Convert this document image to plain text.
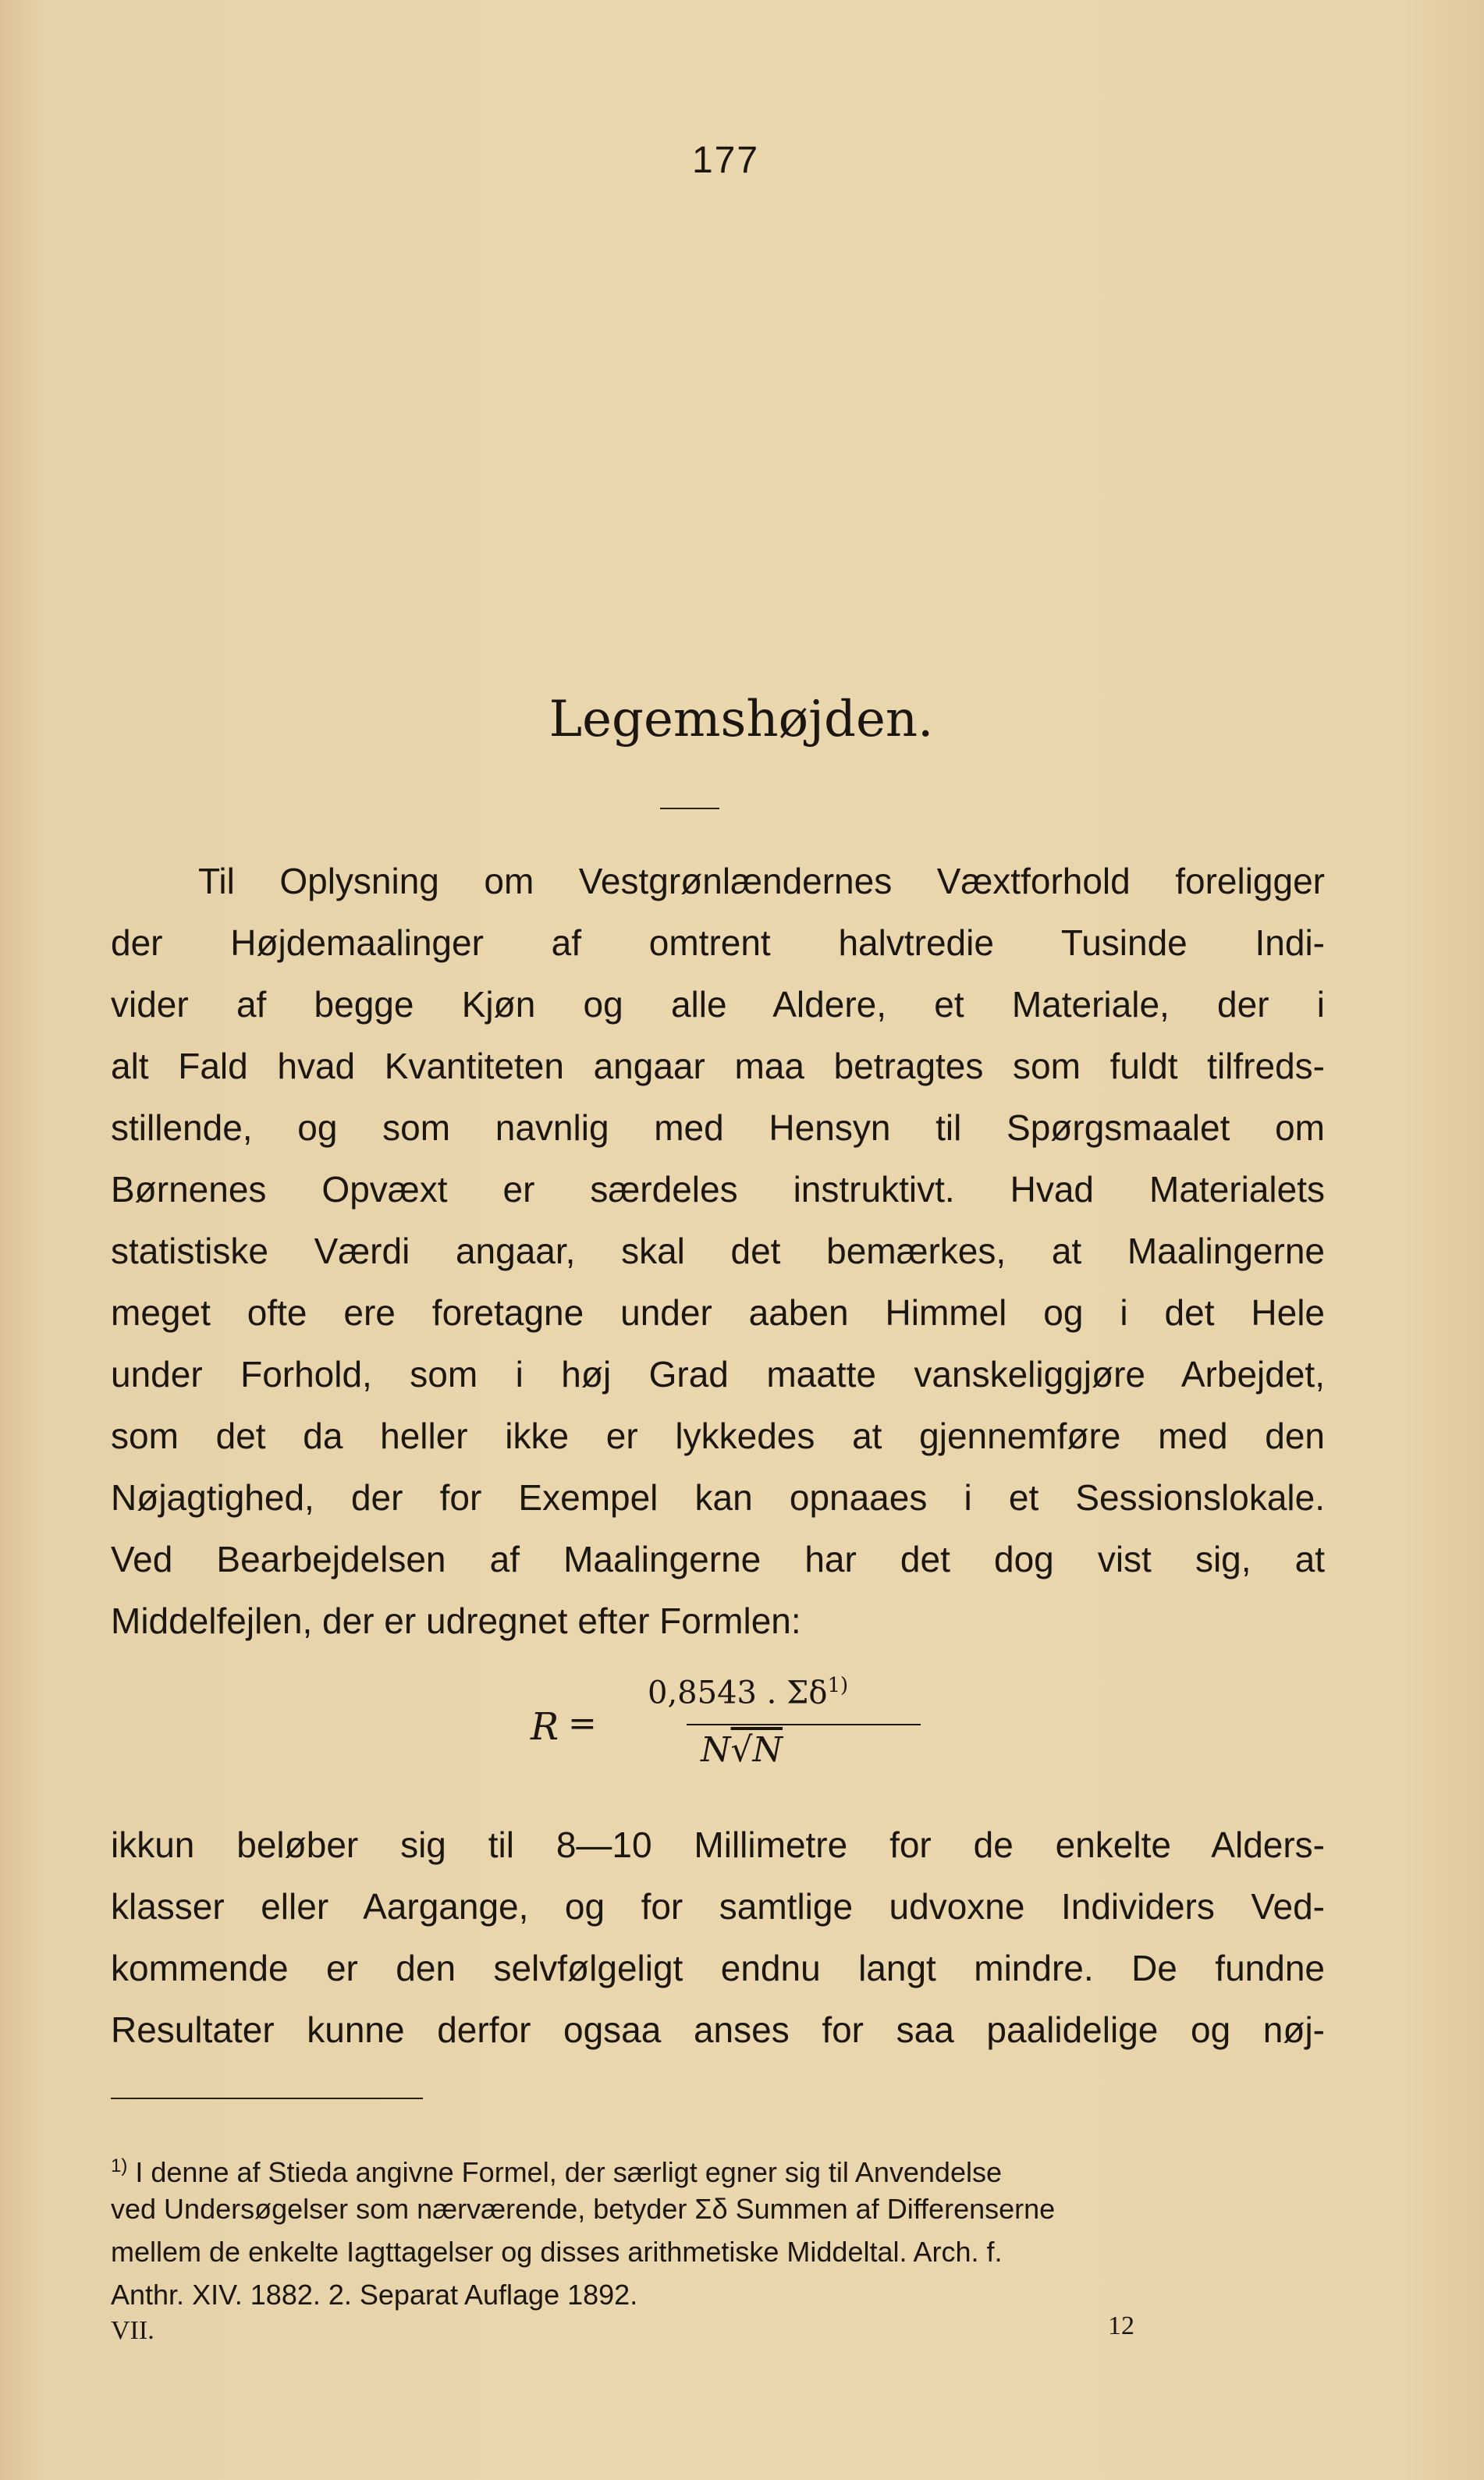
177
Legemshøjden.
Til Oplysning om Vestgrønlændernes Væxtforhold foreligger
der Højdemaalinger af omtrent halvtredie Tusinde Indi-
vider af begge Kjøn og alle Aldere, et Materiale, der i
alt Fald hvad Kvantiteten angaar maa betragtes som fuldt tilfreds-
stillende, og som navnlig med Hensyn til Spørgsmaalet om
Børnenes Opvæxt er særdeles instruktivt. Hvad Materialets
statistiske Værdi angaar, skal det bemærkes, at Maalingerne
meget ofte ere foretagne under aaben Himmel og i det Hele
under Forhold, som i høj Grad maatte vanskeliggjøre Arbejdet,
som det da heller ikke er lykkedes at gjennemføre med den
Nøjagtighed, der for Exempel kan opnaaes i et Sessionslokale.
Ved Bearbejdelsen af Maalingerne har det dog vist sig, at
Middelfejlen, der er udregnet efter Formlen:
R =
0,8543 . $\Sigma\delta^{1)}$
N√N
ikkun beløber sig til 8—10 Millimetre for de enkelte Alders-
klasser eller Aargange, og for samtlige udvoxne Individers Ved-
kommende er den selvfølgeligt endnu langt mindre. De fundne
Resultater kunne derfor ogsaa anses for saa paalidelige og nøj-
$^{1)}$ I denne af Stieda angivne Formel, der særligt egner sig til Anvendelse
ved Undersøgelser som nærværende, betyder Σδ Summen af Differenserne
mellem de enkelte Iagttagelser og disses arithmetiske Middeltal. Arch. f.
Anthr. XIV. 1882. 2. Separat Auflage 1892.
VII.	12
